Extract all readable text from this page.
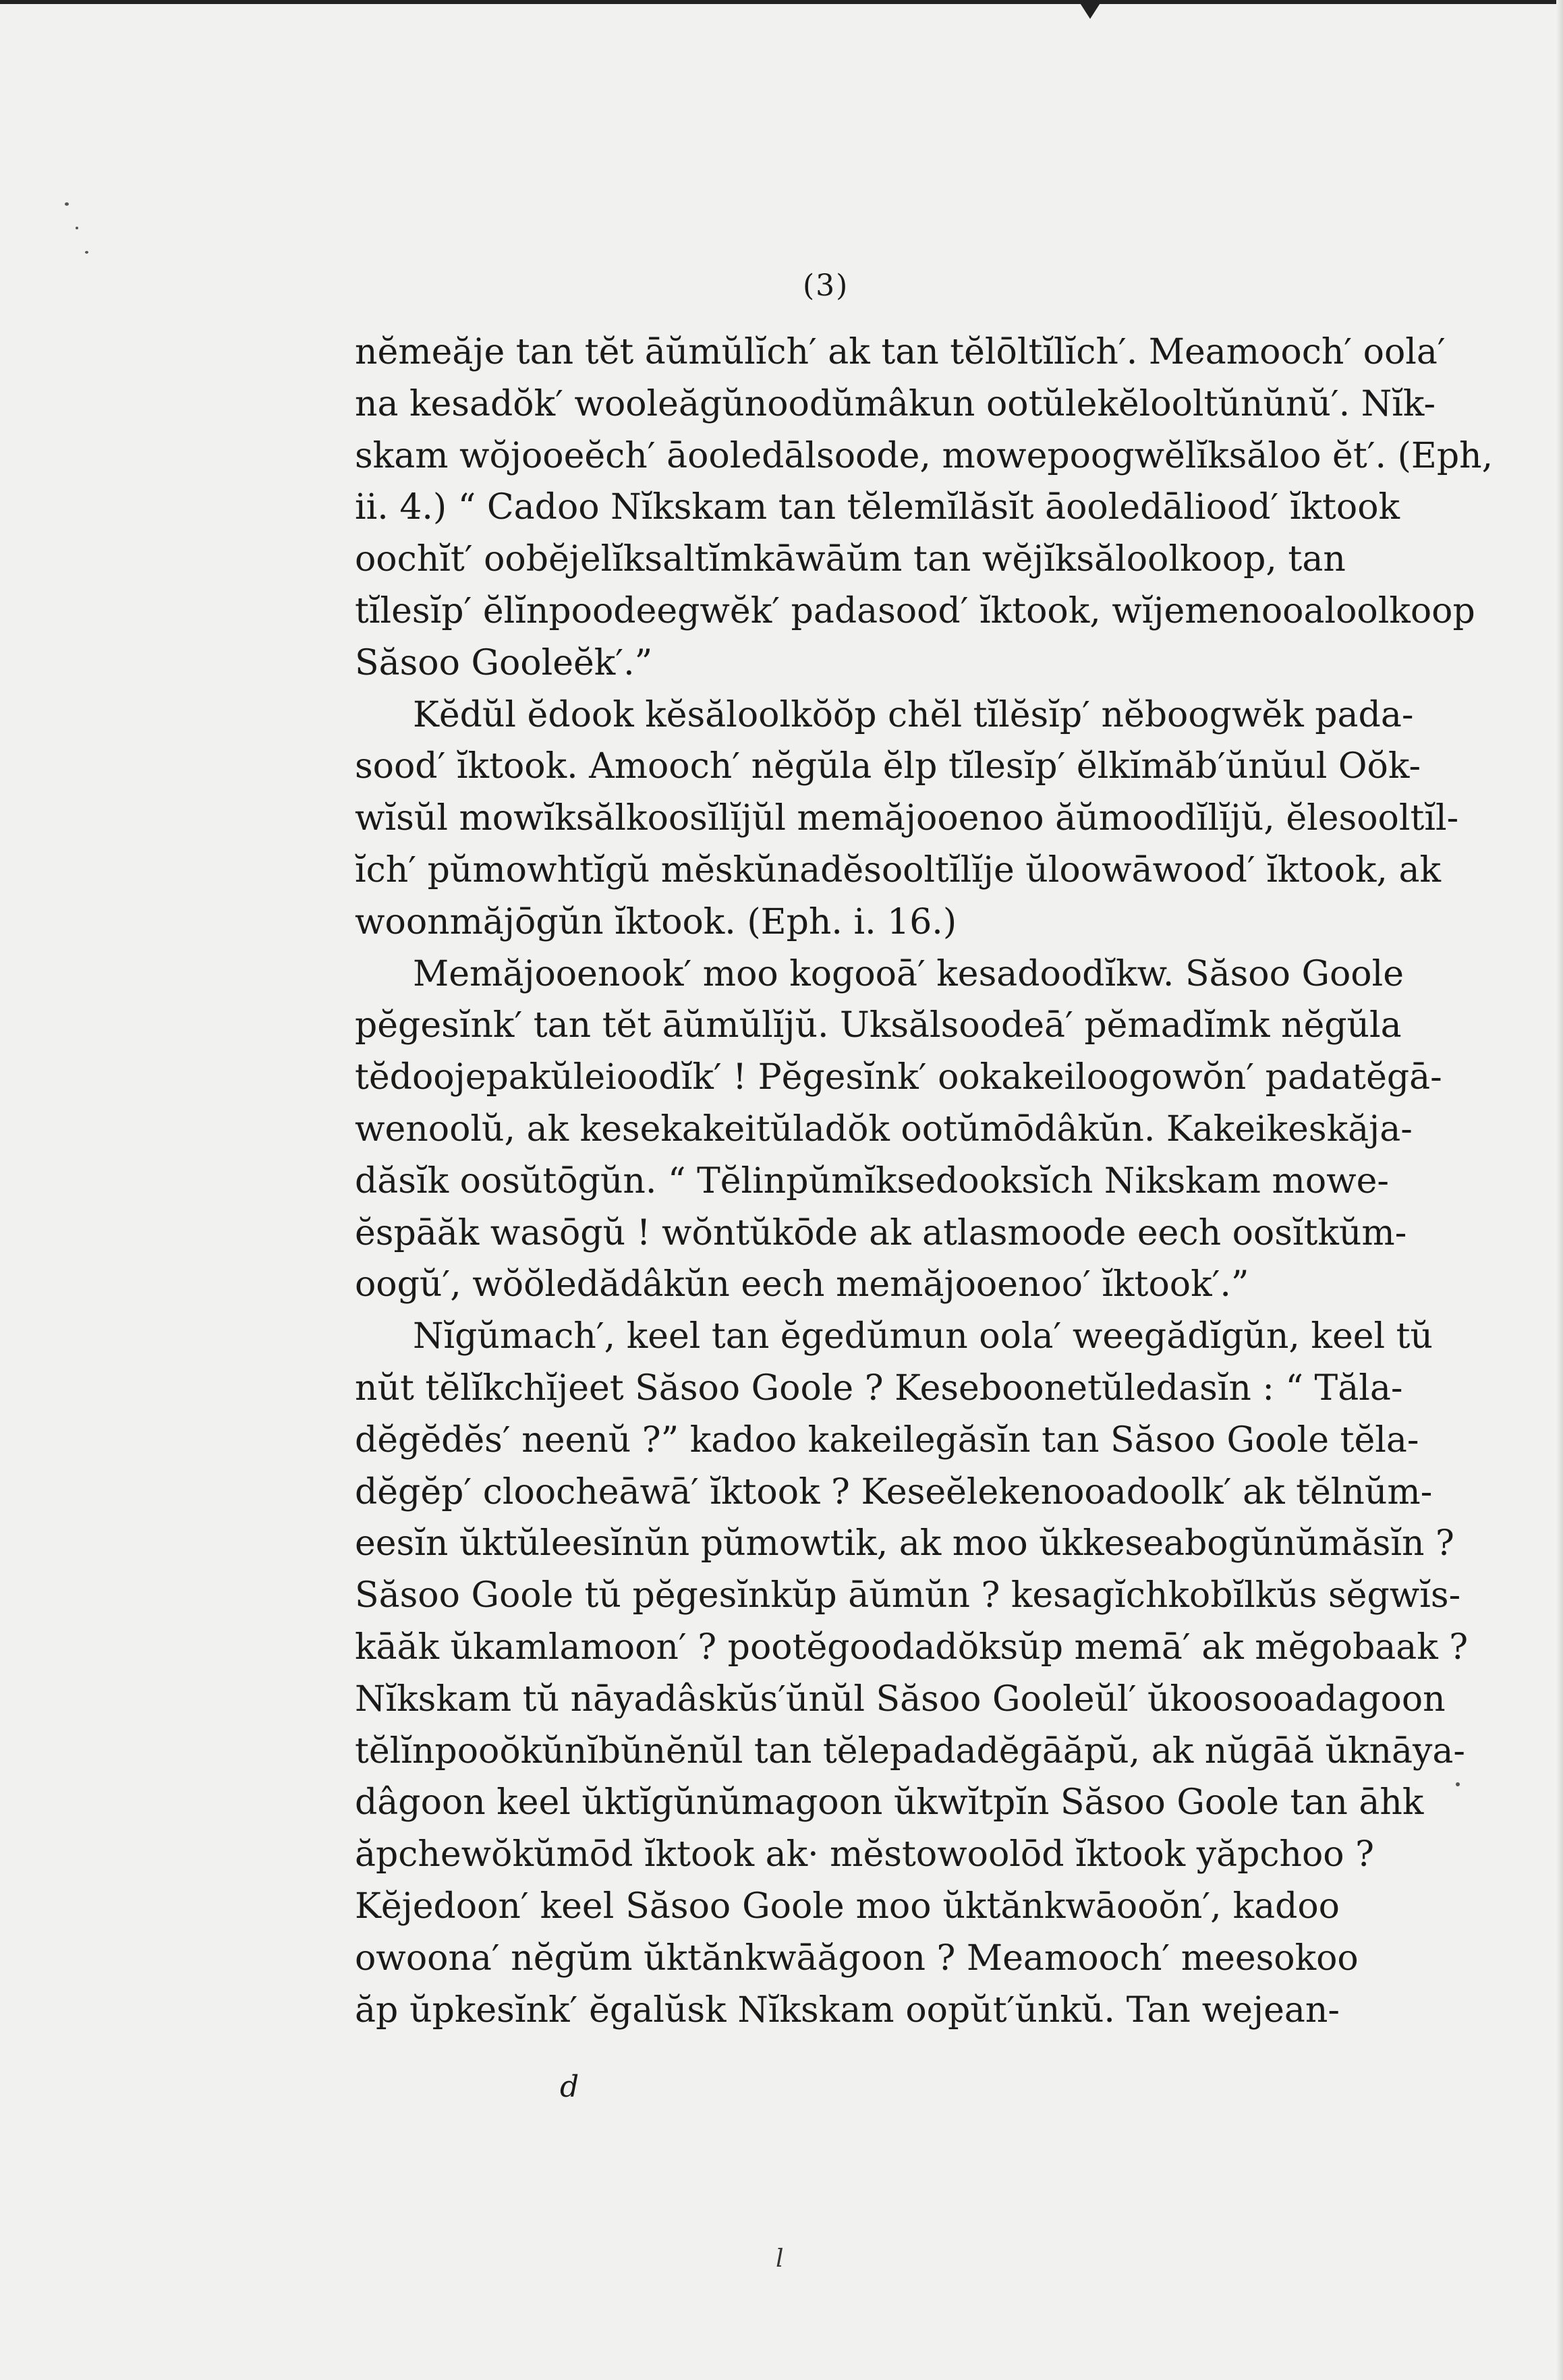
(3)
nĕmeăje tan tĕt āŭmŭlĭch′ ak tan tĕlōltĭlĭch′. Meamooch′ oola′
na kesadŏk′ wooleăgŭnoodŭmâkun ootŭlekĕlooltŭnŭnŭ′. Nĭk-
skam wŏjooeĕch′ āooledālsoode, mowepoogwĕlĭksăloo ĕt′. (Eph,
ii. 4.) “ Cadoo Nĭkskam tan tĕlemĭlăsĭt āooledāliood′ ĭktook
oochĭt′ oobĕjelĭksaltĭmkāwāŭm tan wĕjĭksăloolkoop, tan
tĭlesĭp′ ĕlĭnpoodeegwĕk′ padasood′ ĭktook, wĭjemenooaloolkoop
Săsoo Gooleĕk′.”
Kĕdŭl ĕdook kĕsăloolkŏŏp chĕl tĭlĕsĭp′ nĕboogwĕk pada-
sood′ ĭktook. Amooch′ nĕgŭla ĕlp tĭlesĭp′ ĕlkĭmăb′ŭnŭul Oŏk-
wĭsŭl mowĭksălkoosĭlĭjŭl memăjooenoo ăŭmoodĭlĭjŭ, ĕlesooltĭl-
ĭch′ pŭmowhtĭgŭ mĕskŭnadĕsooltĭlĭje ŭloowāwood′ ĭktook, ak
woonmăjōgŭn ĭktook. (Eph. i. 16.)
Memăjooenook′ moo kogooā′ kesadoodĭkw. Săsoo Goole
pĕgesĭnk′ tan tĕt āŭmŭlĭjŭ. Uksălsoodeā′ pĕmadĭmk nĕgŭla
tĕdoojepakŭleioodĭk′ ! Pĕgesĭnk′ ookakeiloogowŏn′ padatĕgā-
wenoolŭ, ak kesekakeitŭladŏk ootŭmōdâkŭn. Kakeikeskăja-
dăsĭk oosŭtōgŭn. “ Tĕlinpŭmĭksedooksĭch Nikskam mowe-
ĕspāăk wasōgŭ ! wŏntŭkōde ak atlasmoode eech oosĭtkŭm-
oogŭ′, wŏŏledădâkŭn eech memăjooenoo′ ĭktook′.”
Nĭgŭmach′, keel tan ĕgedŭmun oola′ weegădĭgŭn, keel tŭ
nŭt tĕlĭkchĭjeet Săsoo Goole ? Keseboonetŭledasĭn : “ Tăla-
dĕgĕdĕs′ neenŭ ?” kadoo kakeilegăsĭn tan Săsoo Goole tĕla-
dĕgĕp′ cloocheāwā′ ĭktook ? Keseĕlekenooadoolk′ ak tĕlnŭm-
eesĭn ŭktŭleesĭnŭn pŭmowtik, ak moo ŭkkeseabogŭnŭmăsĭn ?
Săsoo Goole tŭ pĕgesĭnkŭp āŭmŭn ? kesagĭchkobĭlkŭs sĕgwĭs-
kāăk ŭkamlamoon′ ? pootĕgoodadŏksŭp memā′ ak mĕgobaak ?
Nĭkskam tŭ nāyadâskŭs′ŭnŭl Săsoo Gooleŭl′ ŭkoosooadagoon
tĕlĭnpooŏkŭnĭbŭnĕnŭl tan tĕlepadadĕgāăpŭ, ak nŭgāă ŭknāya-
dâgoon keel ŭktĭgŭnŭmagoon ŭkwĭtpĭn Săsoo Goole tan āhk
ăpchewŏkŭmōd ĭktook ak· mĕstowoolōd ĭktook yăpchoo ?
Kĕjedoon′ keel Săsoo Goole moo ŭktănkwāooŏn′, kadoo
owoona′ nĕgŭm ŭktănkwāăgoon ? Meamooch′ meesokoo
ăp ŭpkesĭnk′ ĕgalŭsk Nĭkskam oopŭt′ŭnkŭ. Tan wejean-
d
l
